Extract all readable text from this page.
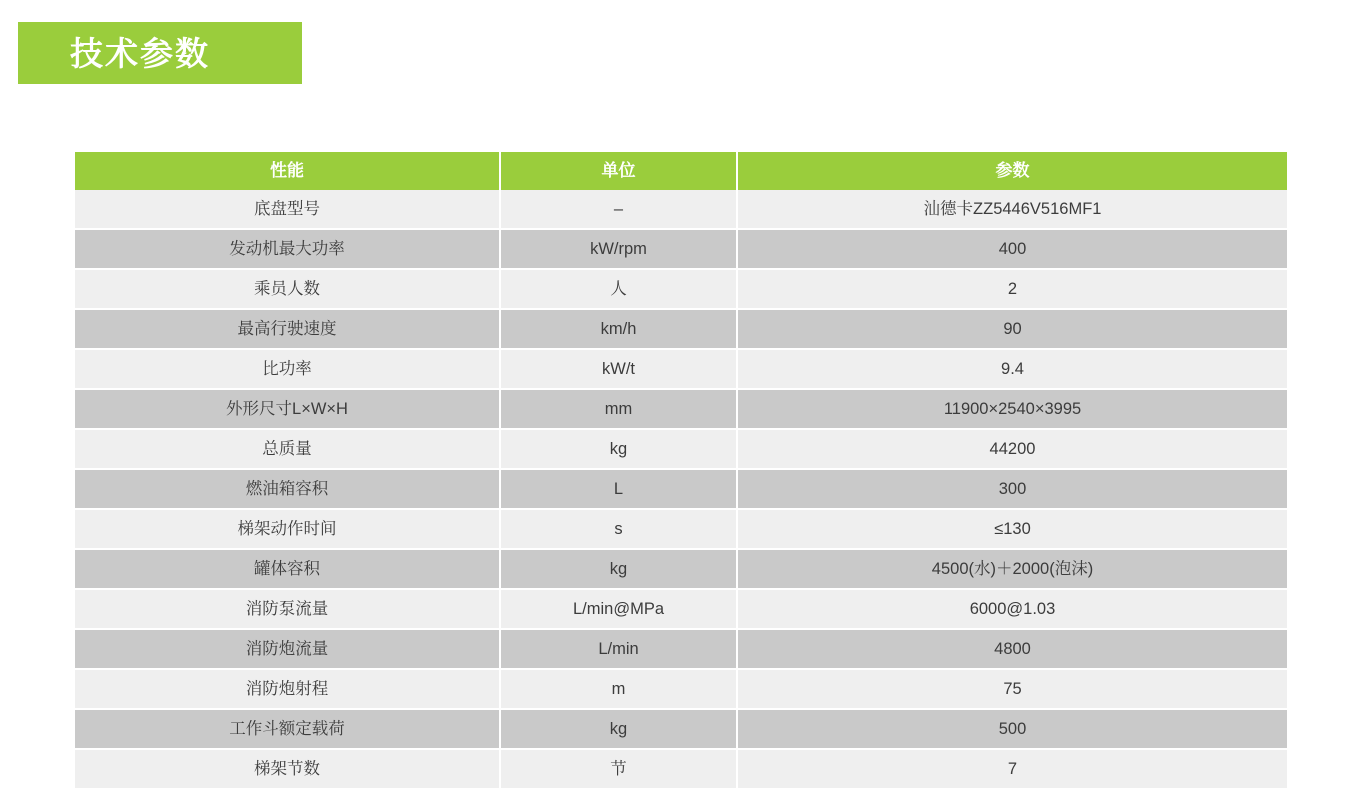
技术参数
性能	单位	参数
底盘型号	–	汕德卡ZZ5446V516MF1
发动机最大功率	kW/rpm	400
乘员人数	人	2
最高行驶速度	km/h	90
比功率	kW/t	9.4
外形尺寸L×W×H	mm	11900×2540×3995
总质量	kg	44200
燃油箱容积	L	300
梯架动作时间	s	≤130
罐体容积	kg	4500(水)＋2000(泡沫)
消防泵流量	L/min@MPa	6000@1.03
消防炮流量	L/min	4800
消防炮射程	m	75
工作斗额定载荷	kg	500
梯架节数	节	7
